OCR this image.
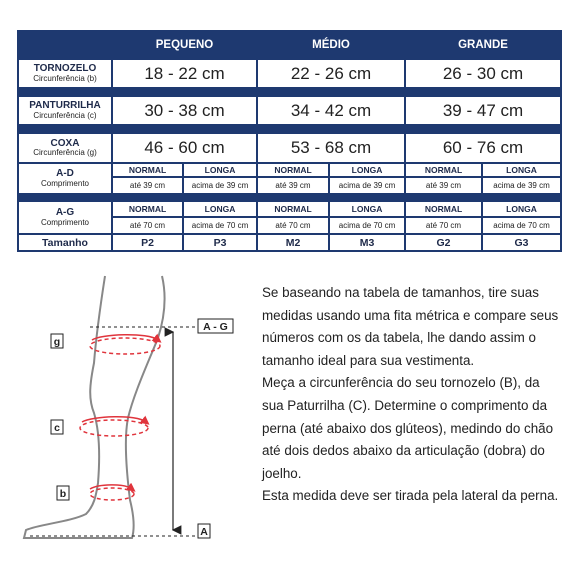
PEQUENO	MÉDIO	GRANDE
TORNOZELO
Circunferência (b)	18 - 22 cm	22 - 26 cm	26 - 30 cm
PANTURRILHA
Circunferência (c)	30 - 38 cm	34 - 42 cm	39 - 47 cm
COXA
Circunferência (g)	46 - 60 cm	53 - 68 cm	60 - 76 cm
A-D
Comprimento
NORMAL	LONGA	NORMAL	LONGA	NORMAL	LONGA
até 39 cm	acima de 39 cm	até 39 cm	acima de 39 cm	até 39 cm	acima de 39 cm
A-G
Comprimento
NORMAL	LONGA	NORMAL	LONGA	NORMAL	LONGA
até 70 cm	acima de 70 cm	até 70 cm	acima de 70 cm	até 70 cm	acima de 70 cm
Tamanho	P2	P3	M2	M3	G2	G3
A - G
A
g
c
b

Se baseando na tabela de tamanhos, tire suas medidas usando uma fita métrica e compare seus números com os da tabela, lhe dando assim o tamanho ideal para sua vestimenta.

Meça a circunferência do seu tornozelo (B), da sua Paturrilha (C). Determine o comprimento da perna (até abaixo dos glúteos), medindo do chão até dois dedos abaixo da articulação (dobra) do joelho.

Esta medida deve ser tirada pela lateral da perna.
